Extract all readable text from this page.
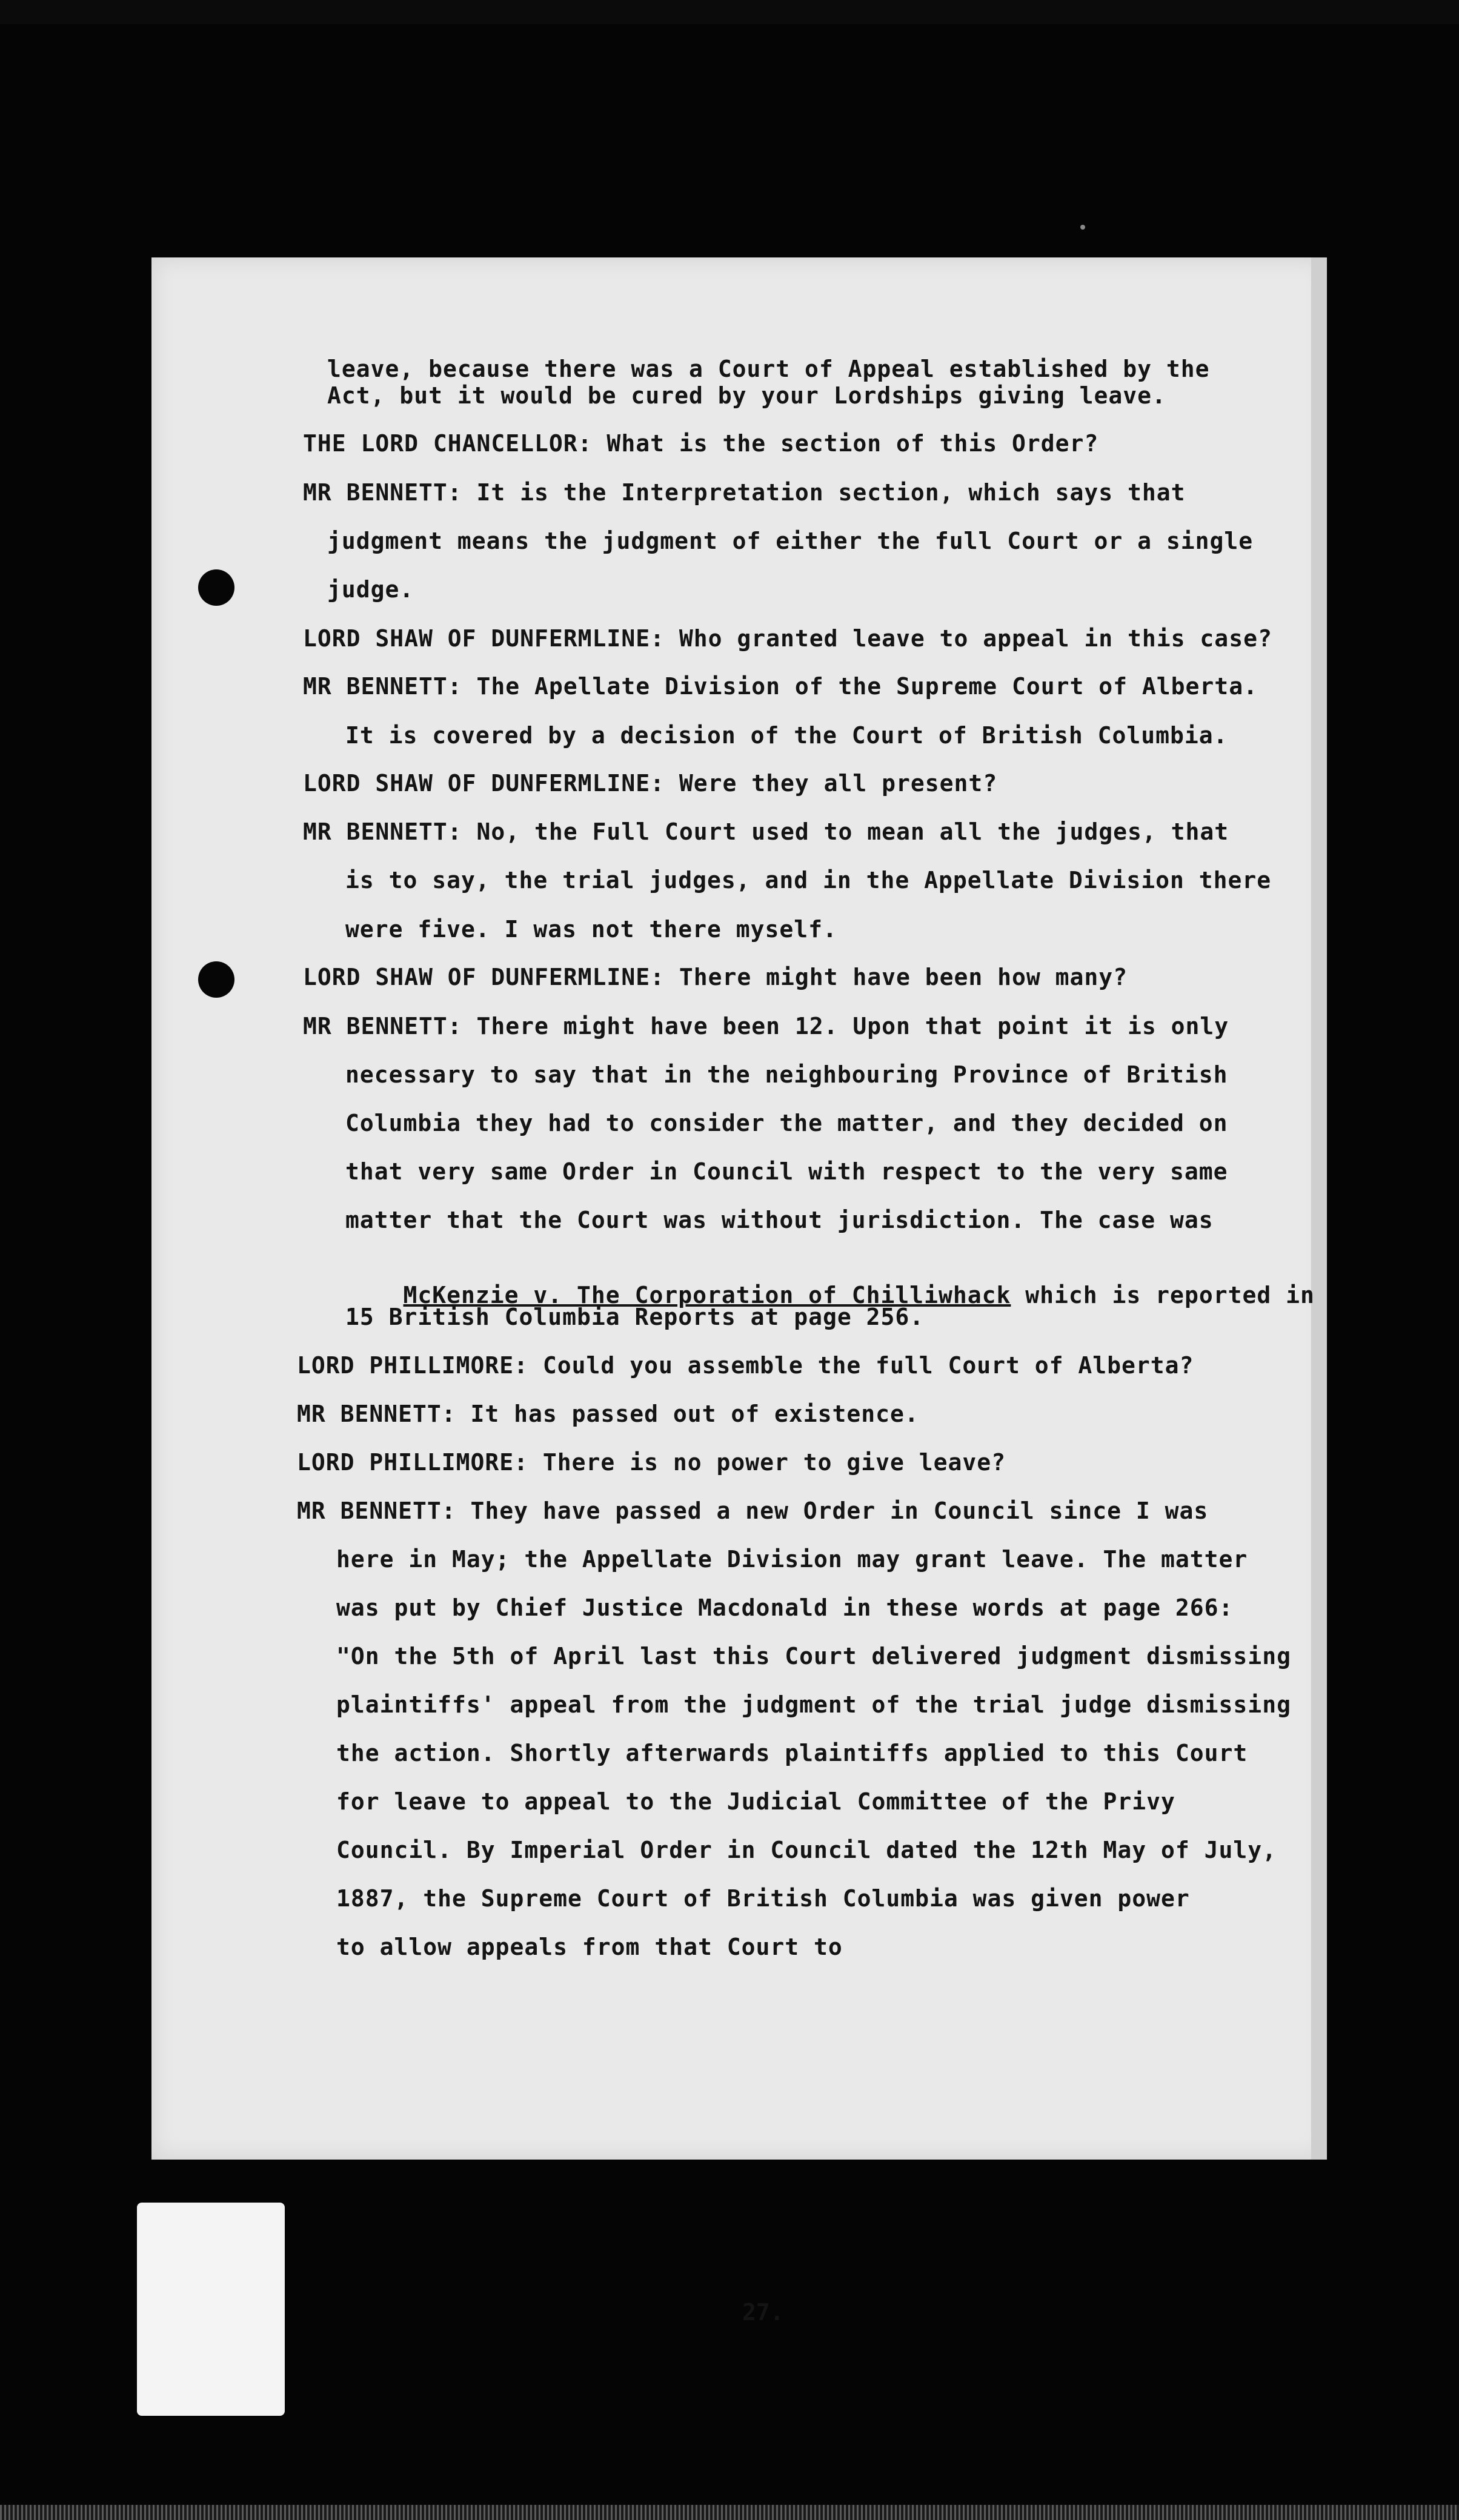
leave, because there was a Court of Appeal established by the
Act, but it would be cured by your Lordships giving leave.
THE LORD CHANCELLOR: What is the section of this Order?
MR BENNETT: It is the Interpretation section, which says that
judgment means the judgment of either the full Court or a single
judge.
LORD SHAW OF DUNFERMLINE: Who granted leave to appeal in this case?
MR BENNETT: The Apellate Division of the Supreme Court of Alberta.
It is covered by a decision of the Court of British Columbia.
LORD SHAW OF DUNFERMLINE: Were they all present?
MR BENNETT: No, the Full Court used to mean all the judges, that
is to say, the trial judges, and in the Appellate Division there
were five. I was not there myself.
LORD SHAW OF DUNFERMLINE: There might have been how many?
MR BENNETT: There might have been 12. Upon that point it is only
necessary to say that in the neighbouring Province of British
Columbia they had to consider the matter, and they decided on
that very same Order in Council with respect to the very same
matter that the Court was without jurisdiction. The case was

McKenzie v. The Corporation of Chilliwhack which is reported in

15 British Columbia Reports at page 256.
LORD PHILLIMORE: Could you assemble the full Court of Alberta?
MR BENNETT: It has passed out of existence.
LORD PHILLIMORE: There is no power to give leave?
MR BENNETT: They have passed a new Order in Council since I was
here in May; the Appellate Division may grant leave. The matter
was put by Chief Justice Macdonald in these words at page 266:
"On the 5th of April last this Court delivered judgment dismissing
plaintiffs' appeal from the judgment of the trial judge dismissing
the action. Shortly afterwards plaintiffs applied to this Court
for leave to appeal to the Judicial Committee of the Privy
Council. By Imperial Order in Council dated the 12th May of July,
1887, the Supreme Court of British Columbia was given power
to allow appeals from that Court to
27.
